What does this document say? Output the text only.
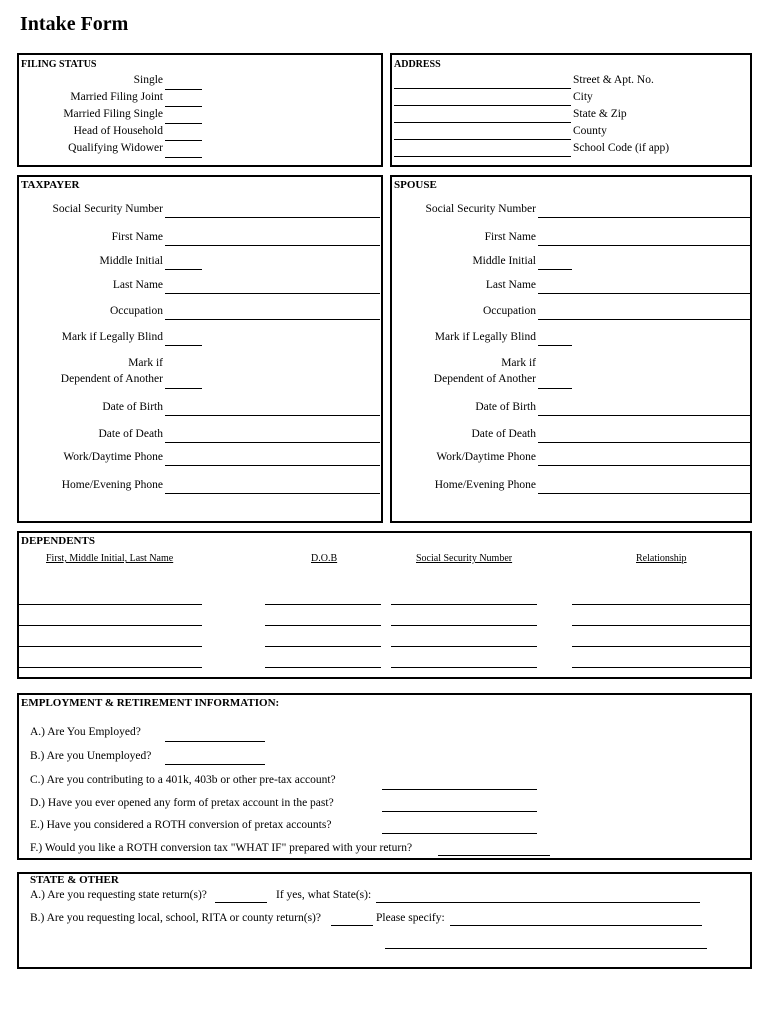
Intake Form
FILING STATUS
Single
Married Filing Joint
Married Filing Single
Head of Household
Qualifying Widower
ADDRESS
Street & Apt. No.
City
State & Zip
County
School Code (if app)
TAXPAYER
Social Security Number
First Name
Middle Initial
Last Name
Occupation
Mark if Legally Blind
Mark if
Dependent of Another
Date of Birth
Date of Death
Work/Daytime Phone
Home/Evening Phone
SPOUSE
Social Security Number
First Name
Middle Initial
Last Name
Occupation
Mark if Legally Blind
Mark if
Dependent of Another
Date of Birth
Date of Death
Work/Daytime Phone
Home/Evening Phone
DEPENDENTS
First, Middle Initial, Last Name	D.O.B	Social Security Number	Relationship
EMPLOYMENT & RETIREMENT INFORMATION:
A.) Are You Employed?
B.) Are you Unemployed?
C.) Are you contributing to a 401k, 403b or other pre-tax account?
D.) Have you ever opened any form of pretax account in the past?
E.) Have you considered a ROTH conversion of pretax accounts?
F.) Would you like a ROTH conversion tax "WHAT IF" prepared with your return?
STATE & OTHER
A.) Are you requesting state return(s)?	If yes, what State(s):
B.) Are you requesting local, school, RITA or county return(s)?	Please specify:
